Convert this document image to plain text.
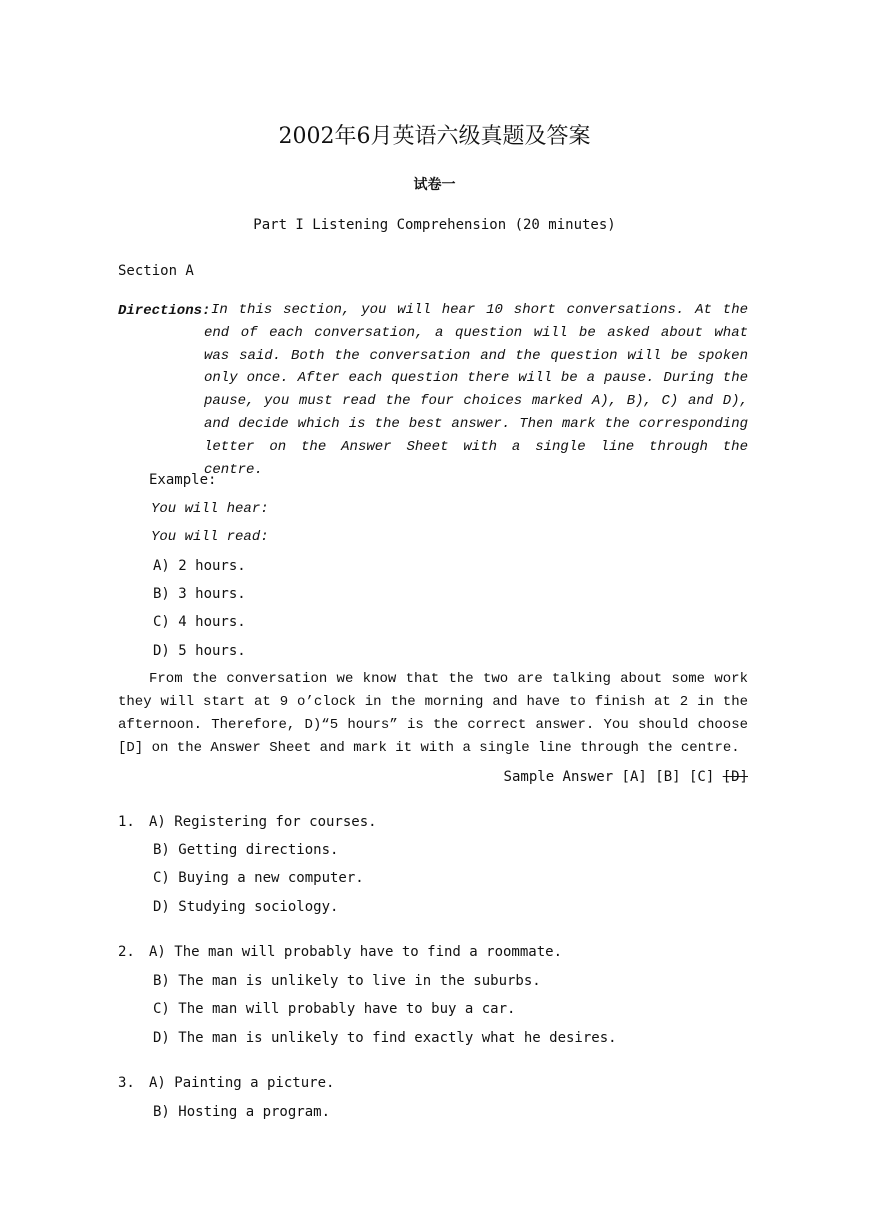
2002年6月英语六级真题及答案
试卷一
Part I Listening Comprehension (20 minutes)
Section A
Directions: In this section, you will hear 10 short conversations. At the end of each conversation, a question will be asked about what was said. Both the conversation and the question will be spoken only once. After each question there will be a pause. During the pause, you must read the four choices marked A), B), C) and D), and decide which is the best answer. Then mark the corresponding letter on the Answer Sheet with a single line through the centre.
Example:
You will hear:
You will read:
A) 2 hours.
B) 3 hours.
C) 4 hours.
D) 5 hours.
From the conversation we know that the two are talking about some work they will start at 9 o’clock in the morning and have to finish at 2 in the afternoon. Therefore, D)“5 hours” is the correct answer. You should choose [D] on the Answer Sheet and mark it with a single line through the centre.
Sample Answer [A] [B] [C] [D]
1. A) Registering for courses.
B) Getting directions.
C) Buying a new computer.
D) Studying sociology.
2. A) The man will probably have to find a roommate.
B) The man is unlikely to live in the suburbs.
C) The man will probably have to buy a car.
D) The man is unlikely to find exactly what he desires.
3. A) Painting a picture.
B) Hosting a program.
